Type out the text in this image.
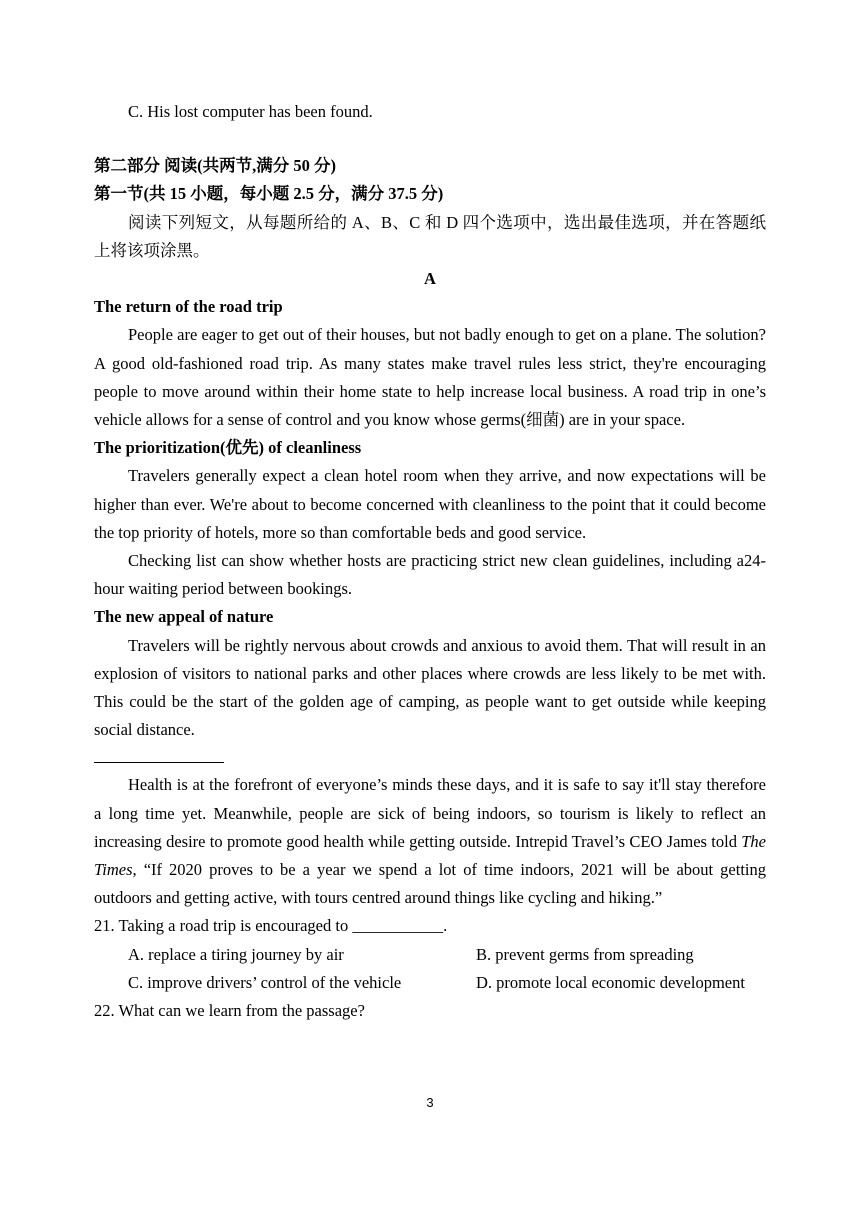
C. His lost computer has been found.

第二部分 阅读(共两节,满分 50 分)

第一节(共 15 小题，每小题 2.5 分，满分 37.5 分)

阅读下列短文，从每题所给的 A、B、C 和 D 四个选项中，选出最佳选项，并在答题纸上将该项涂黑。

A

The return of the road trip

People are eager to get out of their houses, but not badly enough to get on a plane. The solution? A good old-fashioned road trip. As many states make travel rules less strict, they're encouraging people to move around within their home state to help increase local business. A road trip in one’s vehicle allows for a sense of control and you know whose germs(细菌) are in your space.

The prioritization(优先) of cleanliness

Travelers generally expect a clean hotel room when they arrive, and now expectations will be higher than ever. We're about to become concerned with cleanliness to the point that it could become the top priority of hotels, more so than comfortable beds and good service.

Checking list can show whether hosts are practicing strict new clean guidelines, including a24-hour waiting period between bookings.

The new appeal of nature

Travelers will be rightly nervous about crowds and anxious to avoid them. That will result in an explosion of visitors to national parks and other places where crowds are less likely to be met with. This could be the start of the golden age of camping, as people want to get outside while keeping social distance.

Health is at the forefront of everyone’s minds these days, and it is safe to say it'll stay therefore a long time yet. Meanwhile, people are sick of being indoors, so tourism is likely to reflect an increasing desire to promote good health while getting outside. Intrepid Travel’s CEO James told The Times, “If 2020 proves to be a year we spend a lot of time indoors, 2021 will be about getting outdoors and getting active, with tours centred around things like cycling and hiking.”

21. Taking a road trip is encouraged to ___________.

A. replace a tiring journey by air	B. prevent germs from spreading
C. improve drivers’ control of the vehicle	D. promote local economic development

22. What can we learn from the passage?

3
